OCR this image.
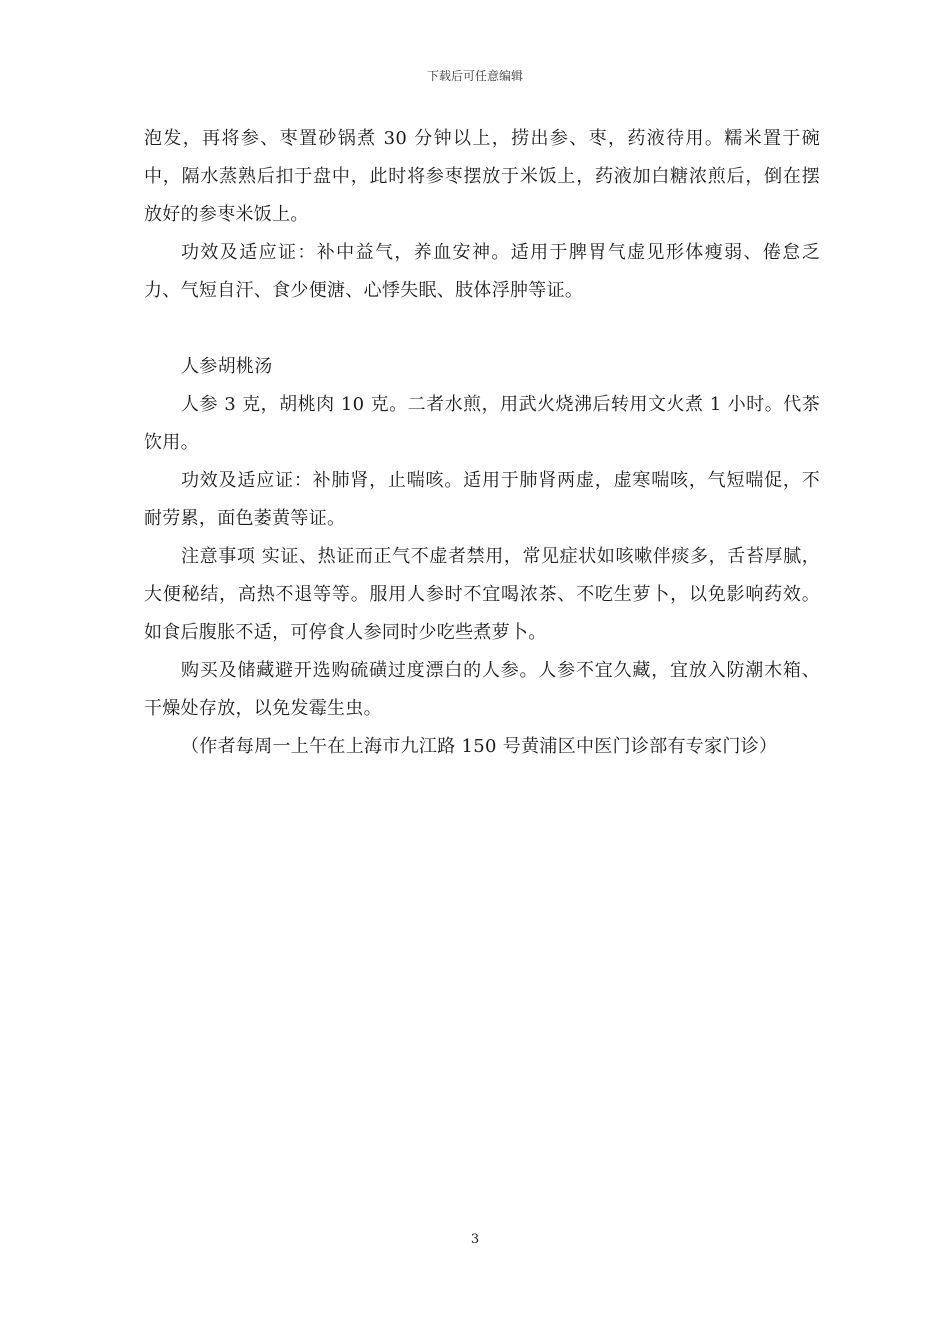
下载后可任意编辑

泡发，再将参、枣置砂锅煮 30 分钟以上，捞出参、枣，药液待用。糯米置于碗中，隔水蒸熟后扣于盘中，此时将参枣摆放于米饭上，药液加白糖浓煎后，倒在摆放好的参枣米饭上。

功效及适应证：补中益气，养血安神。适用于脾胃气虚见形体瘦弱、倦怠乏力、气短自汗、食少便溏、心悸失眠、肢体浮肿等证。

人参胡桃汤

人参 3 克，胡桃肉 10 克。二者水煎，用武火烧沸后转用文火煮 1 小时。代茶饮用。

功效及适应证：补肺肾，止喘咳。适用于肺肾两虚，虚寒喘咳，气短喘促，不耐劳累，面色萎黄等证。

注意事项 实证、热证而正气不虚者禁用，常见症状如咳嗽伴痰多，舌苔厚腻，大便秘结，高热不退等等。服用人参时不宜喝浓茶、不吃生萝卜，以免影响药效。如食后腹胀不适，可停食人参同时少吃些煮萝卜。

购买及储藏避开选购硫磺过度漂白的人参。人参不宜久藏，宜放入防潮木箱、干燥处存放，以免发霉生虫。

（作者每周一上午在上海市九江路 150 号黄浦区中医门诊部有专家门诊）

3
